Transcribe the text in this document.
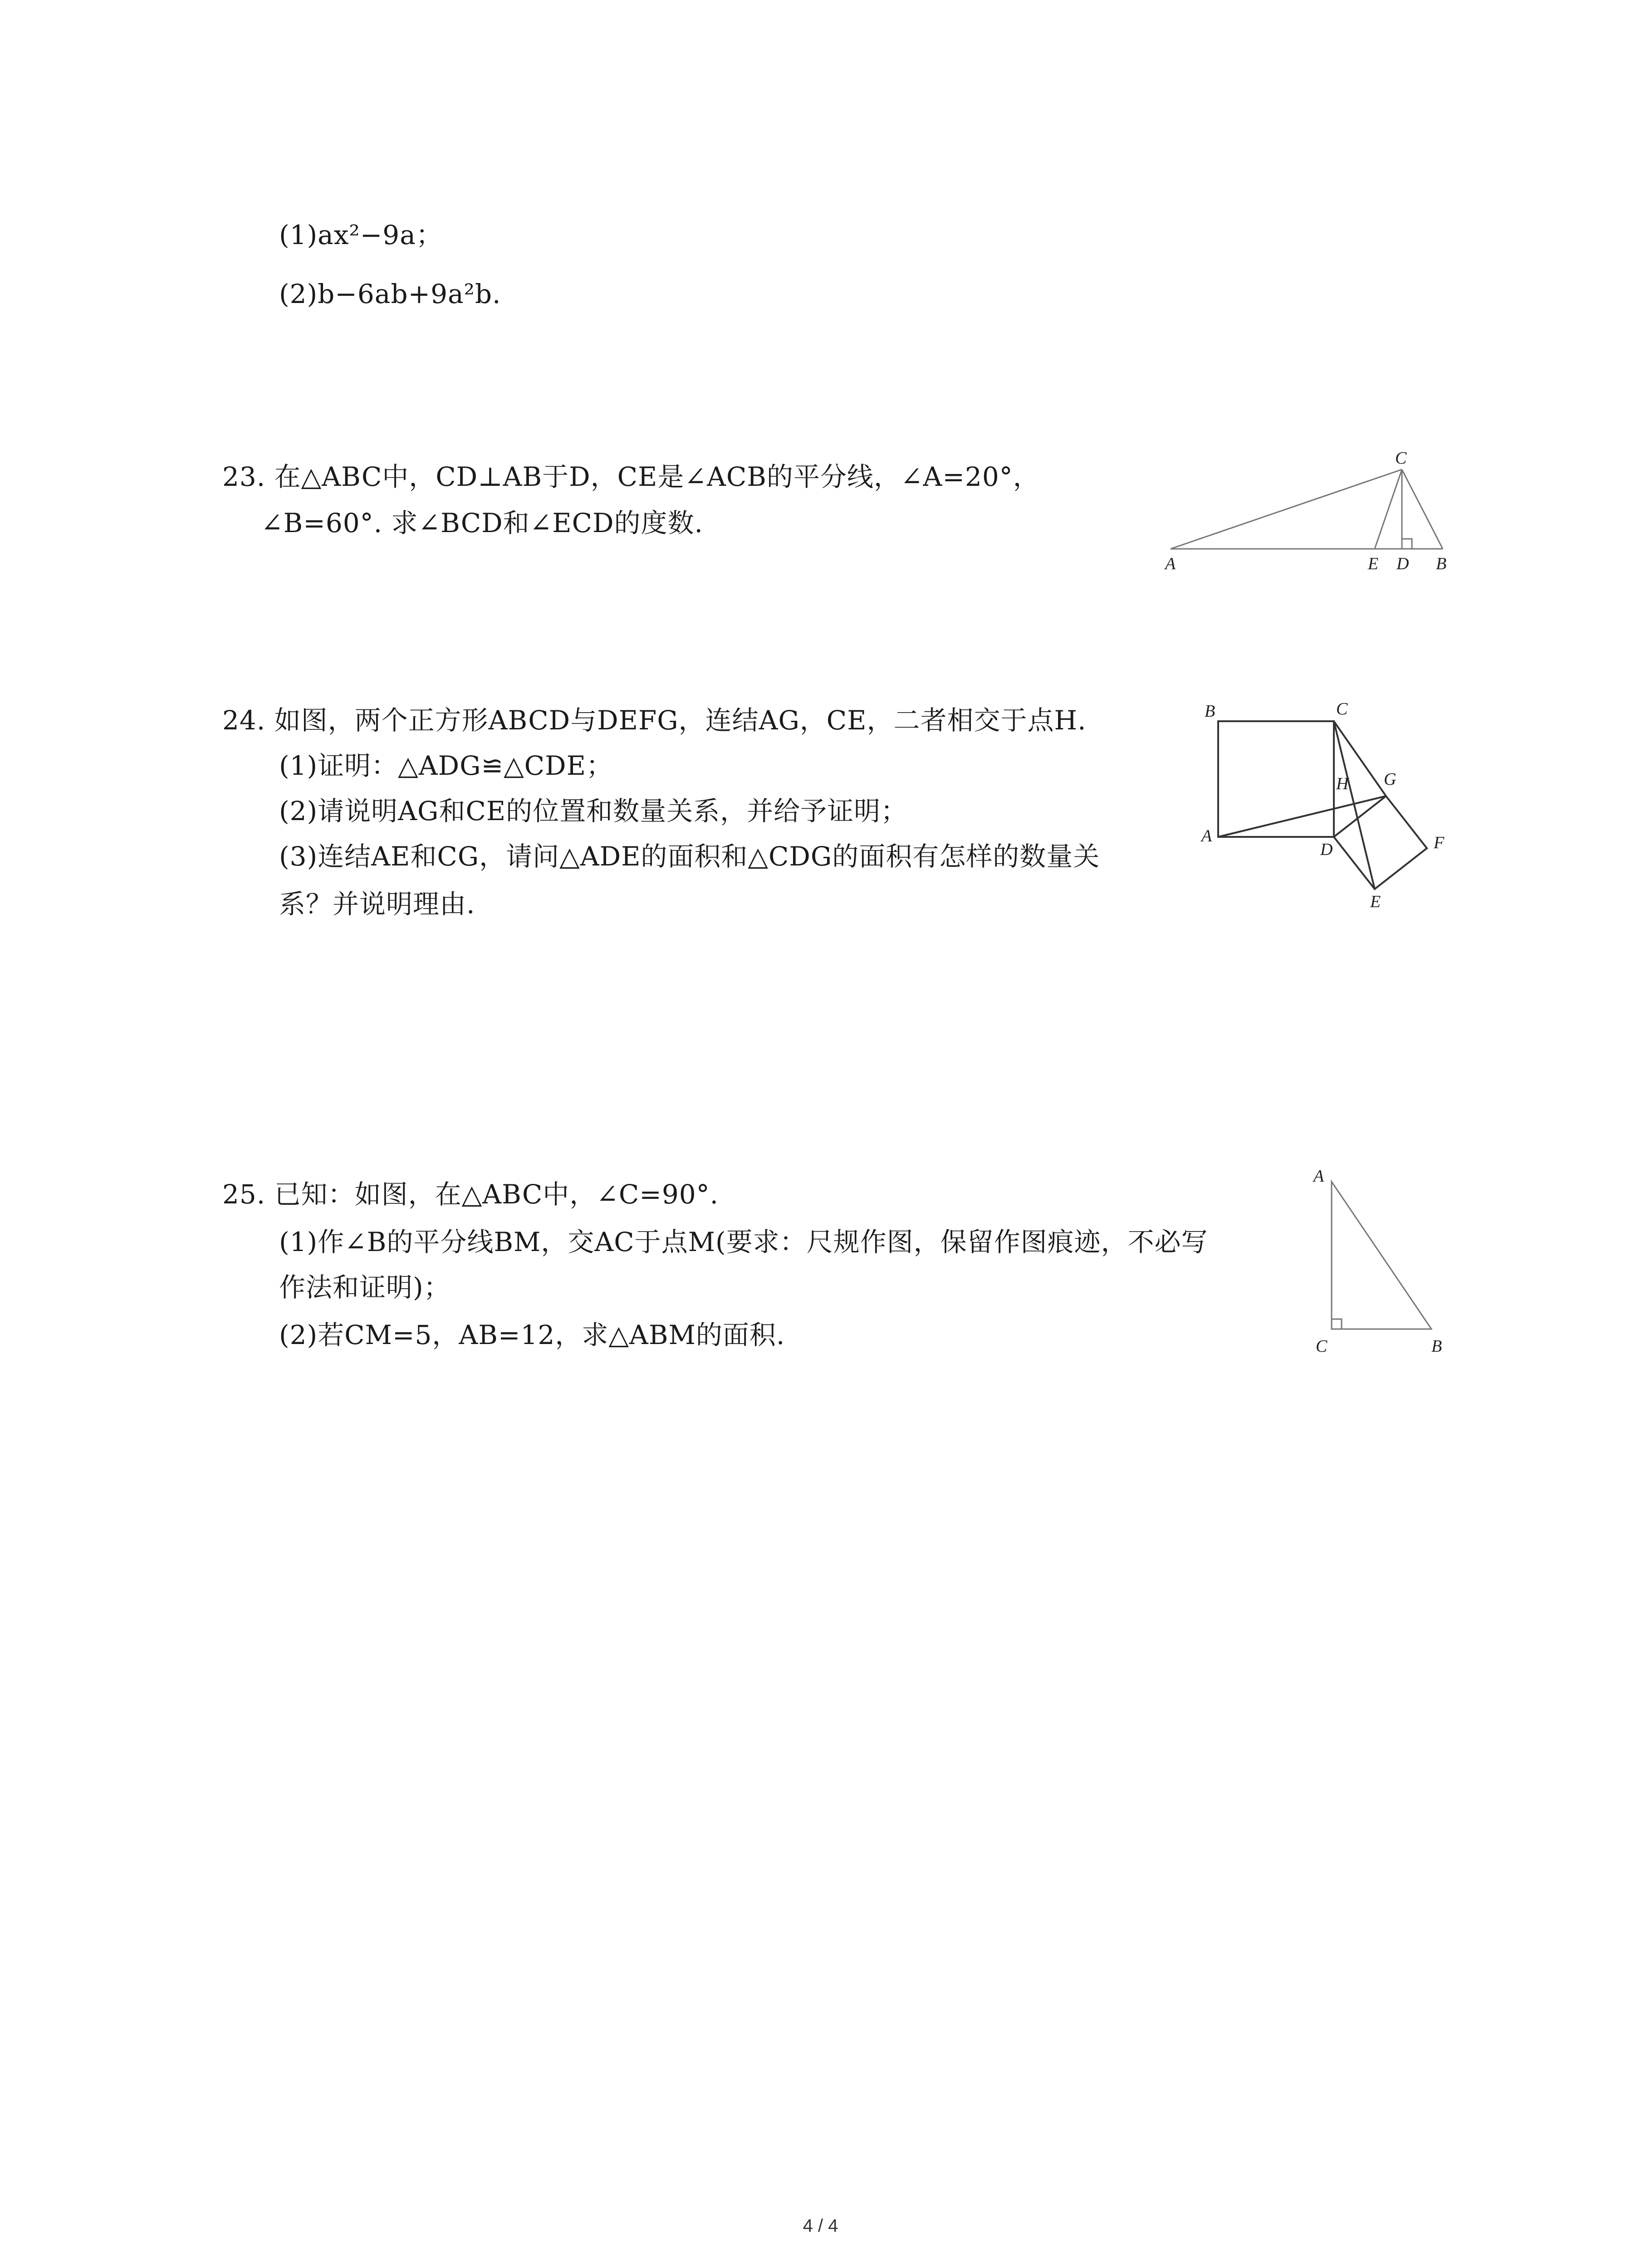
(1)ax²−9a；
(2)b−6ab+9a²b.
23. 在△ABC中，CD⊥AB于D，CE是∠ACB的平分线，∠A=20°，
∠B=60°. 求∠BCD和∠ECD的度数.
C
A	E D B
24. 如图，两个正方形ABCD与DEFG，连结AG，CE，二者相交于点H.
(1)证明：△ADG≌△CDE；
(2)请说明AG和CE的位置和数量关系，并给予证明；
(3)连结AE和CG，请问△ADE的面积和△CDG的面积有怎样的数量关
系？并说明理由.
B	C
H G
F
A
D
E
25. 已知：如图，在△ABC中，∠C=90°.
(1)作∠B的平分线BM，交AC于点M(要求：尺规作图，保留作图痕迹，不必写
作法和证明)；
(2)若CM=5，AB=12，求△ABM的面积.
A
C	B
4 / 4
